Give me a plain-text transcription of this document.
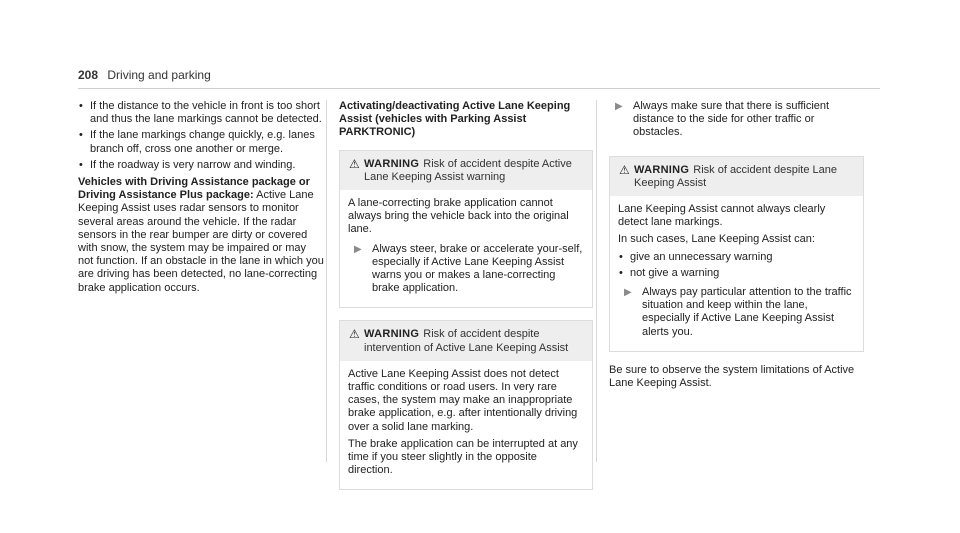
208 Driving and parking
• If the distance to the vehicle in front is too short and thus the lane markings cannot be detected.
• If the lane markings change quickly, e.g. lanes branch off, cross one another or merge.
• If the roadway is very narrow and winding.
Vehicles with Driving Assistance package or Driving Assistance Plus package: Active Lane Keeping Assist uses radar sensors to monitor several areas around the vehicle. If the radar sensors in the rear bumper are dirty or covered with snow, the system may be impaired or may not function. If an obstacle in the lane in which you are driving has been detected, no lane-correcting brake application occurs.
Activating/deactivating Active Lane Keeping Assist (vehicles with Parking Assist PARKTRONIC)
⚠ WARNING Risk of accident despite Active Lane Keeping Assist warning

A lane-correcting brake application cannot always bring the vehicle back into the original lane.

▶ Always steer, brake or accelerate your-self, especially if Active Lane Keeping Assist warns you or makes a lane-correcting brake application.
⚠ WARNING Risk of accident despite intervention of Active Lane Keeping Assist

Active Lane Keeping Assist does not detect traffic conditions or road users. In very rare cases, the system may make an inappropriate brake application, e.g. after intentionally driving over a solid lane marking.

The brake application can be interrupted at any time if you steer slightly in the opposite direction.

▶ Always make sure that there is sufficient distance to the side for other traffic or obstacles.
⚠ WARNING Risk of accident despite Lane Keeping Assist

Lane Keeping Assist cannot always clearly detect lane markings.

In such cases, Lane Keeping Assist can:

• give an unnecessary warning
• not give a warning
▶ Always pay particular attention to the traffic situation and keep within the lane, especially if Active Lane Keeping Assist alerts you.
Be sure to observe the system limitations of Active Lane Keeping Assist.
